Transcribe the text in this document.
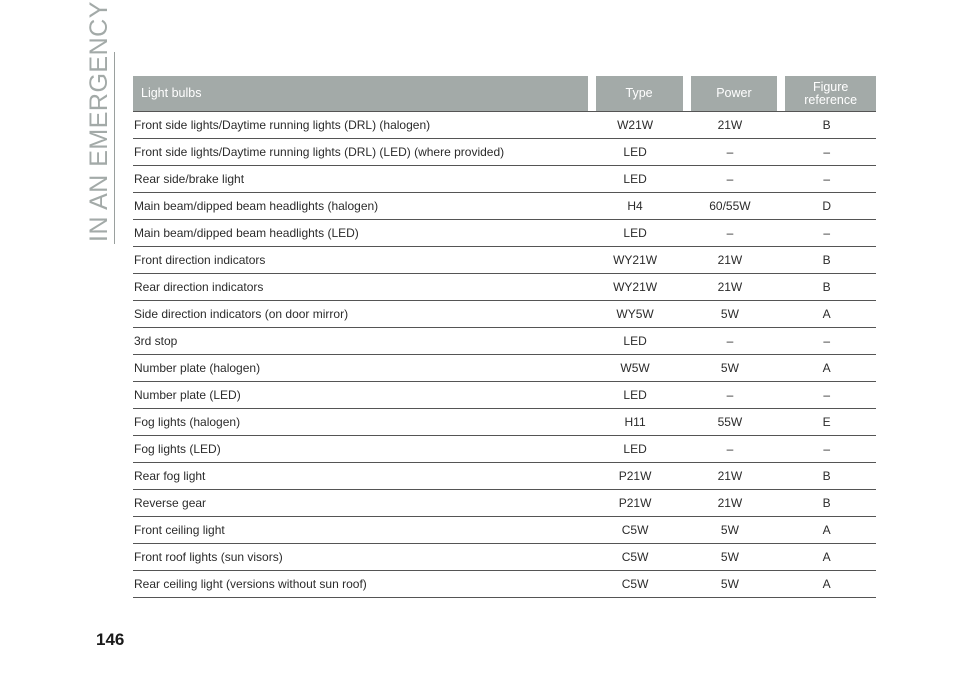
IN AN EMERGENCY Light bulbs	Type	Power	Figure reference
Front side lights/Daytime running lights (DRL) (halogen)	W21W	21W	B
Front side lights/Daytime running lights (DRL) (LED) (where provided)	LED	–	–
Rear side/brake light	LED	–	–
Main beam/dipped beam headlights (halogen)	H4	60/55W	D
Main beam/dipped beam headlights (LED)	LED	–	–
Front direction indicators	WY21W	21W	B
Rear direction indicators	WY21W	21W	B
Side direction indicators (on door mirror)	WY5W	5W	A
3rd stop	LED	–	–
Number plate (halogen)	W5W	5W	A
Number plate (LED)	LED	–	–
Fog lights (halogen)	H11	55W	E
Fog lights (LED)	LED	–	–
Rear fog light	P21W	21W	B
Reverse gear	P21W	21W	B
Front ceiling light	C5W	5W	A
Front roof lights (sun visors)	C5W	5W	A
Rear ceiling light (versions without sun roof)	C5W	5W	A
146
